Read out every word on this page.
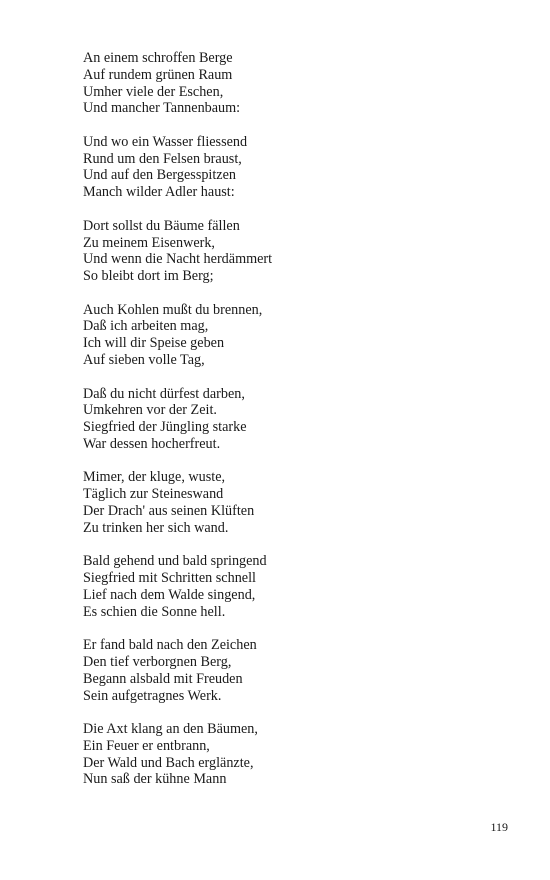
An einem schroffen Berge
Auf rundem grünen Raum
Umher viele der Eschen,
Und mancher Tannenbaum:
Und wo ein Wasser fliessend
Rund um den Felsen braust,
Und auf den Bergesspitzen
Manch wilder Adler haust:
Dort sollst du Bäume fällen
Zu meinem Eisenwerk,
Und wenn die Nacht herdämmert
So bleibt dort im Berg;
Auch Kohlen mußt du brennen,
Daß ich arbeiten mag,
Ich will dir Speise geben
Auf sieben volle Tag,
Daß du nicht dürfest darben,
Umkehren vor der Zeit.
Siegfried der Jüngling starke
War dessen hocherfreut.
Mimer, der kluge, wuste,
Täglich zur Steineswand
Der Drach' aus seinen Klüften
Zu trinken her sich wand.
Bald gehend und bald springend
Siegfried mit Schritten schnell
Lief nach dem Walde singend,
Es schien die Sonne hell.
Er fand bald nach den Zeichen
Den tief verborgnen Berg,
Begann alsbald mit Freuden
Sein aufgetragnes Werk.
Die Axt klang an den Bäumen,
Ein Feuer er entbrann,
Der Wald und Bach erglänzte,
Nun saß der kühne Mann
119
